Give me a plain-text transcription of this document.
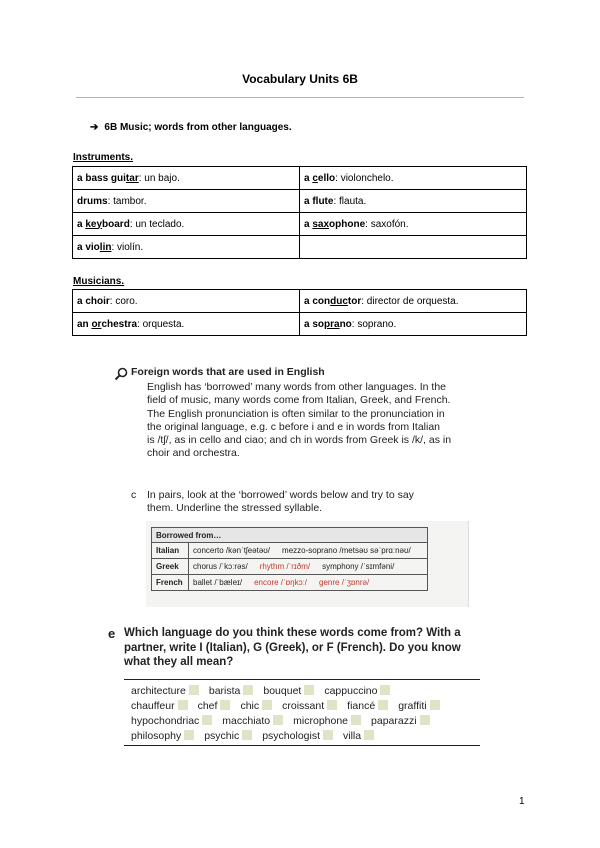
Vocabulary Units 6B
➔ 6B Music; words from other languages.
Instruments.
a bass guitar: un bajo.	a cello: violonchelo.
drums: tambor.	a flute: flauta.
a keyboard: un teclado.	a saxophone: saxofón.
a violin: violín.	
Musicians.
a choir: coro.	a conductor: director de orquesta.
an orchestra: orquesta.	a soprano: soprano.
Foreign words that are used in English
English has ‘borrowed’ many words from other languages. In the
field of music, many words come from Italian, Greek, and French.
The English pronunciation is often similar to the pronunciation in
the original language, e.g. c before i and e in words from Italian
is /tʃ/, as in cello and ciao; and ch in words from Greek is /k/, as in
choir and orchestra.
c In pairs, look at the ‘borrowed’ words below and try to say
them. Underline the stressed syllable.
Borrowed from…	
Italian	concerto /kənˈtʃeətəʊ/ mezzo-soprano /metsəʊ səˈprɑːnəʊ/
Greek	chorus /ˈkɔːrəs/ rhythm /ˈrɪðm/ symphony /ˈsɪmfəni/
French	ballet /ˈbæleɪ/ encore /ˈɒŋkɔː/ genre /ˈʒɒnrə/
e Which language do you think these words come from? With a
partner, write I (Italian), G (Greek), or F (French). Do you know
what they all mean?
architecture barista bouquet cappuccino
chauffeur chef chic croissant fiancé graffiti
hypochondriac macchiato microphone paparazzi
philosophy psychic psychologist villa
1
